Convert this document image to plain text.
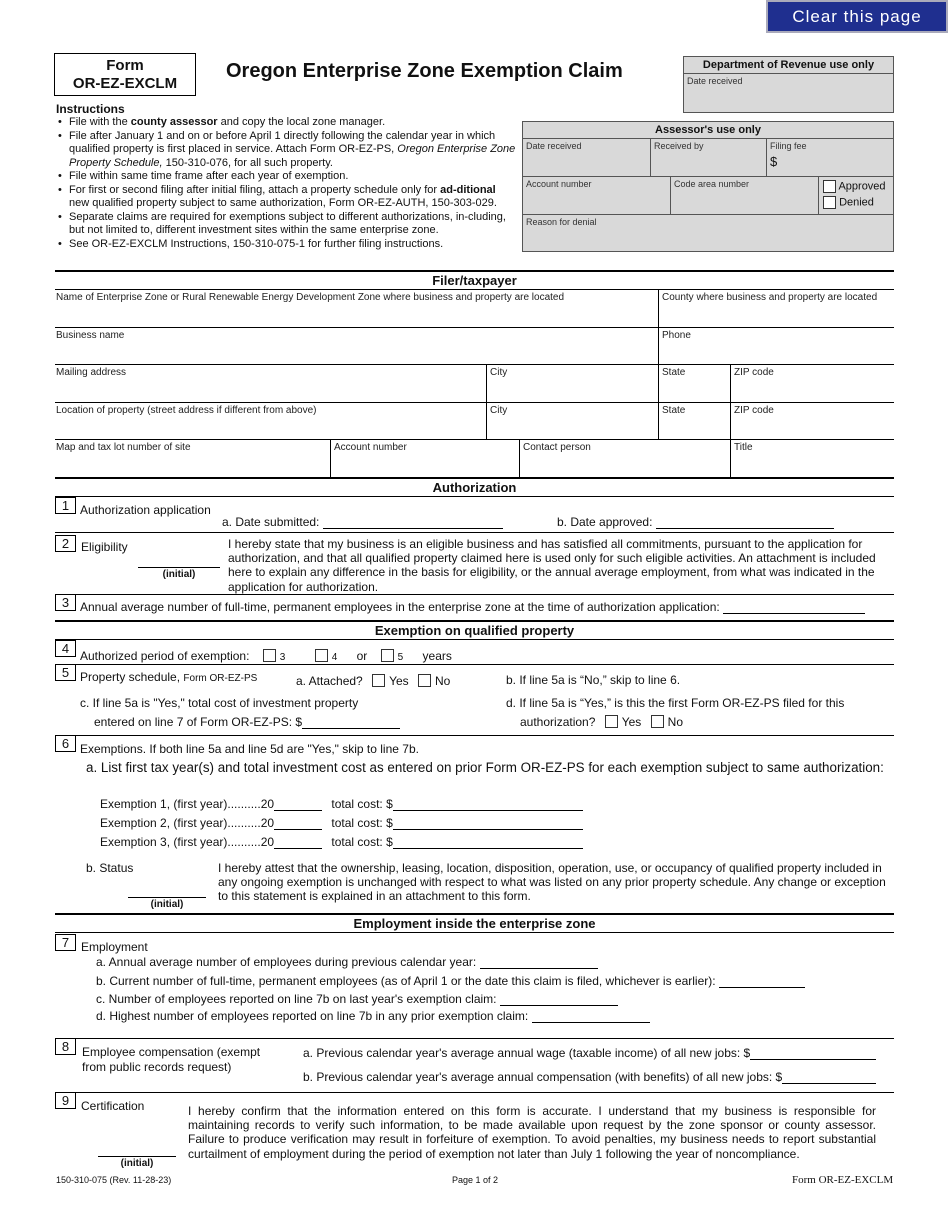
Clear this page
Form
OR-EZ-EXCLM
Oregon Enterprise Zone Exemption Claim	Department of Revenue use only
Date received
Assessor's use only
Date received	Received by	Filing fee
$
Account number	Code area number	Approved
Denied
Reason for denial
Instructions
• File with the county assessor and copy the local zone manager.
• File after January 1 and on or before April 1 directly following the calendar year in which qualified property is first placed in service. Attach Form OR-EZ-PS, Oregon Enterprise Zone Property Schedule, 150-310-076, for all such property.
• File within same time frame after each year of exemption.
• For first or second filing after initial filing, attach a property schedule only for ad-ditional new qualified property subject to same authorization, Form OR-EZ-AUTH, 150-303-029.
• Separate claims are required for exemptions subject to different authorizations, in-cluding, but not limited to, different investment sites within the same enterprise zone.
• See OR-EZ-EXCLM Instructions, 150-310-075-1 for further filing instructions.
Filer/taxpayer
Name of Enterprise Zone or Rural Renewable Energy Development Zone where business and property are located	County where business and property are located
Business name	Phone
Mailing address	City	State	ZIP code
Location of property (street address if different from above)	City	State	ZIP code
Map and tax lot number of site	Account number	Contact person	Title
Authorization
1 Authorization application
a. Date submitted:	b. Date approved:
2 Eligibility
(initial)
I hereby state that my business is an eligible business and has satisfied all commitments, pursuant to the application for authorization, and that all qualified property claimed here is used only for such eligible activities. An attachment is included here to explain any difference in the basis for eligibility, or the annual average employment, from what was indicated in the application for authorization.
3 Annual average number of full-time, permanent employees in the enterprise zone at the time of authorization application:
Exemption on qualified property
4 Authorized period of exemption:	3	4 or	5 years
5 Property schedule, Form OR-EZ-PS	a. Attached? Yes No	b. If line 5a is “No,” skip to line 6.
c. If line 5a is "Yes," total cost of investment property
entered on line 7 of Form OR-EZ-PS: $
d. If line 5a is “Yes,” is this the first Form OR-EZ-PS filed for this
authorization? Yes No
6 Exemptions. If both line 5a and line 5d are "Yes," skip to line 7b.
a. List first tax year(s) and total investment cost as entered on prior Form OR-EZ-PS for each exemption subject to same authorization:
Exemption 1, (first year)..........20	total cost: $
Exemption 2, (first year)..........20	total cost: $
Exemption 3, (first year)..........20	total cost: $
b. Status
(initial)
I hereby attest that the ownership, leasing, location, disposition, operation, use, or occupancy of qualified property included in any ongoing exemption is unchanged with respect to what was listed on any prior property schedule. Any change or exception to this statement is explained in an attachment to this form.
Employment inside the enterprise zone
7 Employment
a. Annual average number of employees during previous calendar year:
b. Current number of full-time, permanent employees (as of April 1 or the date this claim is filed, whichever is earlier):
c. Number of employees reported on line 7b on last year's exemption claim:
d. Highest number of employees reported on line 7b in any prior exemption claim:
8	Employee compensation (exempt
from public records request)
a. Previous calendar year's average annual wage (taxable income) of all new jobs: $
b. Previous calendar year's average annual compensation (with benefits) of all new jobs: $
9 Certification
(initial)
I hereby confirm that the information entered on this form is accurate. I understand that my business is responsible for maintaining records to verify such information, to be made available upon request by the zone sponsor or county assessor. Failure to produce verification may result in forfeiture of exemption. To avoid penalties, my business needs to report substantial curtailment of employment during the period of exemption not later than July 1 following the year of noncompliance.
150-310-075 (Rev. 11-28-23)	Page 1 of 2	Form OR-EZ-EXCLM
